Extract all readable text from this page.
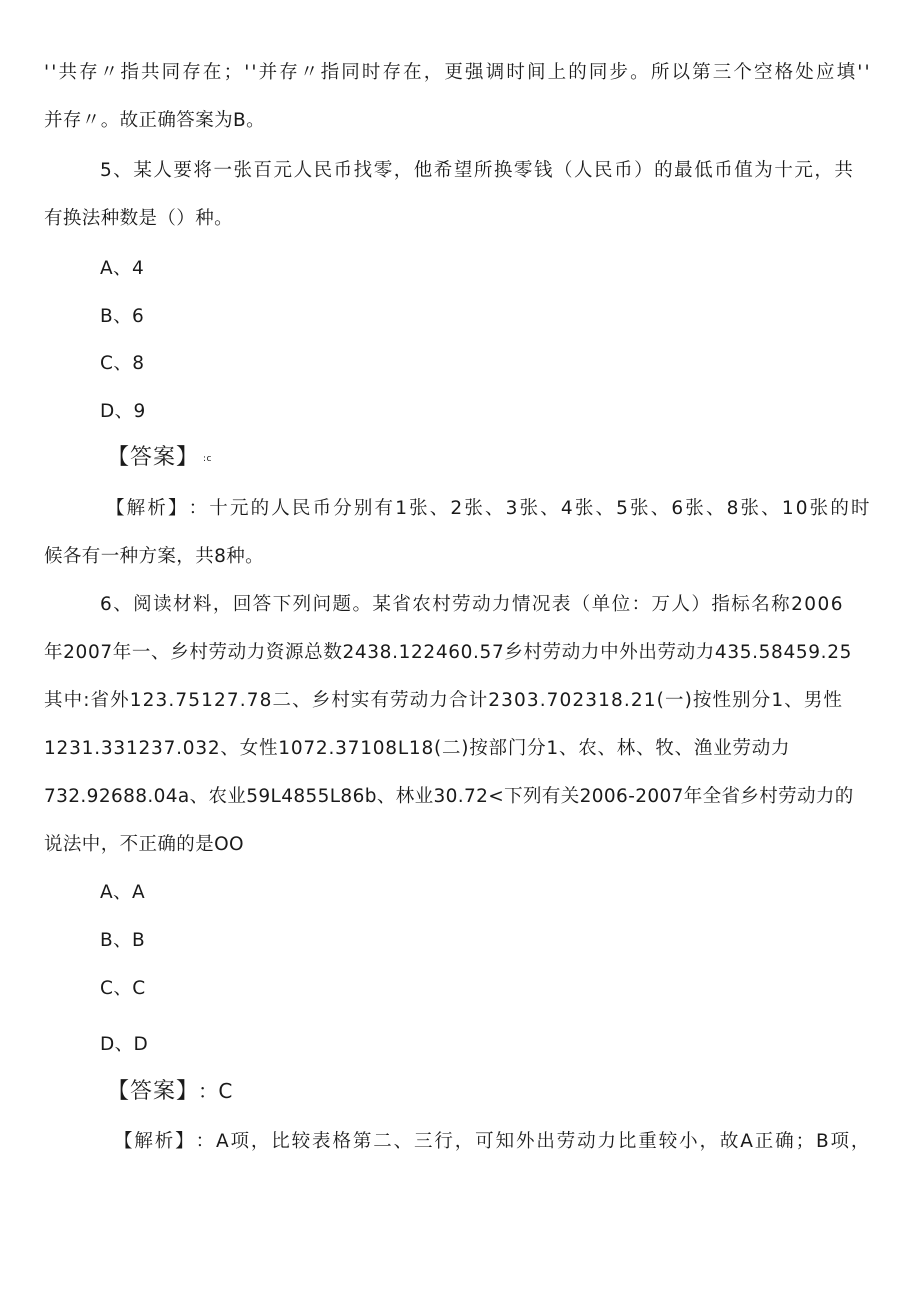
' ' 共 存 〃 指 共 同 存 在 ； ' ' 并 存 〃 指 同 时 存 在 ， 更 强 调 时 间 上 的 同 步 。 所 以 第 三 个 空 格 处 应 填 ' '
并存〃。故正确答案为B。
5 、 某 人 要 将 一 张 百 元 人 民 币 找 零 ， 他 希 望 所 换 零 钱 （ 人 民 币 ） 的 最 低 币 值 为 十 元 ， 共
有换法种数是（）种。
A、4
B、6
C、8
D、9
【答案】 :c
【 解 析 】 ： 十 元 的 人 民 币 分 别 有 1 张 、 2 张 、 3 张 、 4 张 、 5 张 、 6 张 、 8 张 、 1 0 张 的 时
候各有一种方案，共8种。
6 、 阅 读 材 料 ， 回 答 下 列 问 题 。 某 省 农 村 劳 动 力 情 况 表 （ 单 位 ： 万 人 ） 指 标 名 称 2 0 0 6
年 2 0 0 7 年 一 、 乡 村 劳 动 力 资 源 总 数 2 4 3 8 . 1 2 2 4 6 0 . 5 7 乡 村 劳 动 力 中 外 出 劳 动 力 4 3 5 . 5 8 4 5 9 . 2 5
其 中 : 省 外 1 2 3 . 7 5 1 2 7 . 7 8 二 、 乡 村 实 有 劳 动 力 合 计 2 3 0 3 . 7 0 2 3 1 8 . 2 1 ( 一 ) 按 性 别 分 1 、 男 性
1 2 3 1 . 3 3 1 2 3 7 . 0 3 2 、 女 性 1 0 7 2 . 3 7 1 0 8 L 1 8 ( 二 ) 按 部 门 分 1 、 农 、 林 、 牧 、 渔 业 劳 动 力
7 3 2 . 9 2 6 8 8 . 0 4 a 、 农 业 5 9 L 4 8 5 5 L 8 6 b 、 林 业 3 0 . 7 2 < 下 列 有 关 2 0 0 6 - 2 0 0 7 年 全 省 乡 村 劳 动 力 的
说法中，不正确的是OO
A、A
B、B
C、C
D、D
【答案】 ：C
【 解 析 】 ： A 项 ， 比 较 表 格 第 二 、 三 行 ， 可 知 外 出 劳 动 力 比 重 较 小 ， 故 A 正 确 ； B 项 ，
